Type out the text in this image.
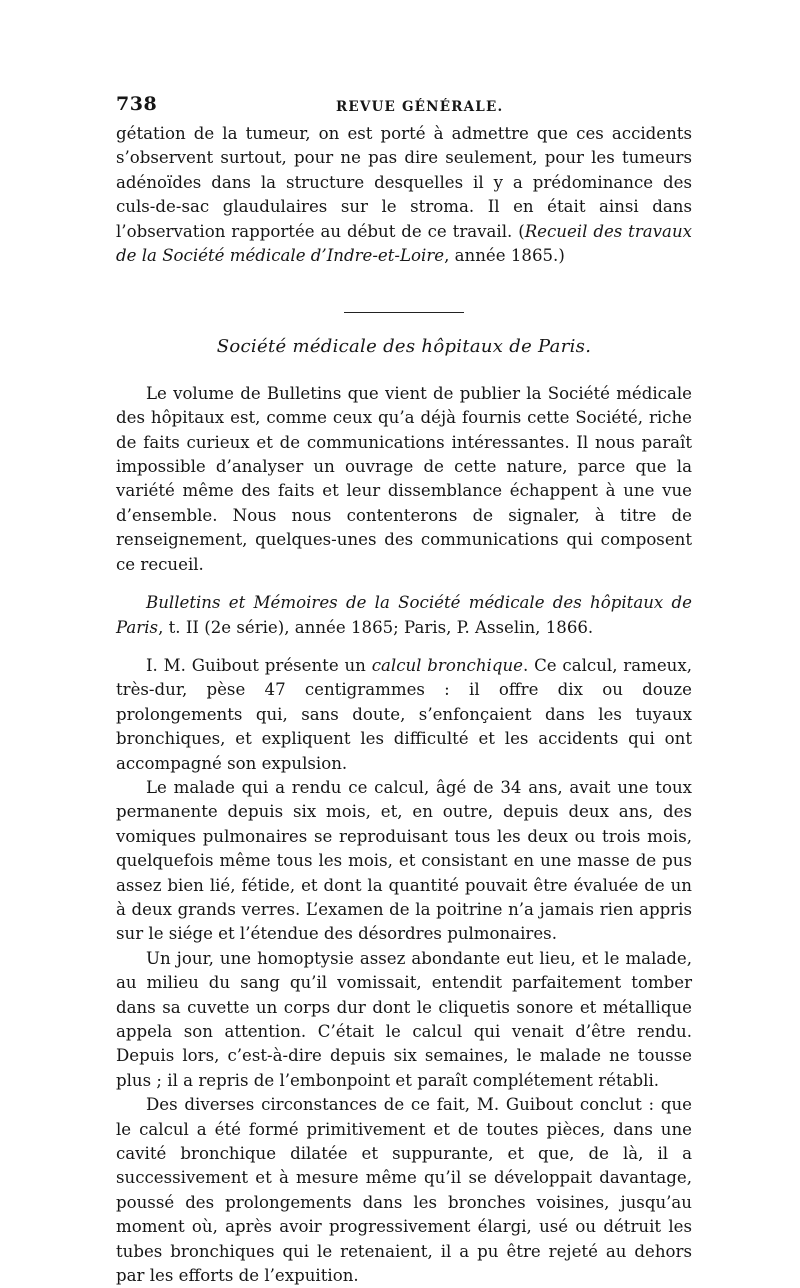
738	REVUE GÉNÉRALE.

gétation de la tumeur, on est porté à admettre que ces accidents s’observent surtout, pour ne pas dire seulement, pour les tumeurs adénoïdes dans la structure desquelles il y a prédominance des culs-de-sac glaudulaires sur le stroma. Il en était ainsi dans l’observation rapportée au début de ce travail. (Recueil des travaux de la Société médicale d’Indre-et-Loire, année 1865.)

Société médicale des hôpitaux de Paris.

Le volume de Bulletins que vient de publier la Société médicale des hôpitaux est, comme ceux qu’a déjà fournis cette Société, riche de faits curieux et de communications intéressantes. Il nous paraît impossible d’analyser un ouvrage de cette nature, parce que la variété même des faits et leur dissemblance échappent à une vue d’ensemble. Nous nous contenterons de signaler, à titre de renseignement, quelques-unes des communications qui composent ce recueil.

Bulletins et Mémoires de la Société médicale des hôpitaux de Paris, t. II (2e série), année 1865; Paris, P. Asselin, 1866.

I. M. Guibout présente un calcul bronchique. Ce calcul, rameux, très-dur, pèse 47 centigrammes : il offre dix ou douze prolongements qui, sans doute, s’enfonçaient dans les tuyaux bronchiques, et expliquent les difficulté et les accidents qui ont accompagné son expulsion.

Le malade qui a rendu ce calcul, âgé de 34 ans, avait une toux permanente depuis six mois, et, en outre, depuis deux ans, des vomiques pulmonaires se reproduisant tous les deux ou trois mois, quelquefois même tous les mois, et consistant en une masse de pus assez bien lié, fétide, et dont la quantité pouvait être évaluée de un à deux grands verres. L’examen de la poitrine n’a jamais rien appris sur le siége et l’étendue des désordres pulmonaires.

Un jour, une homoptysie assez abondante eut lieu, et le malade, au milieu du sang qu’il vomissait, entendit parfaitement tomber dans sa cuvette un corps dur dont le cliquetis sonore et métallique appela son attention. C’était le calcul qui venait d’être rendu. Depuis lors, c’est-à-dire depuis six semaines, le malade ne tousse plus ; il a repris de l’embonpoint et paraît complétement rétabli.

Des diverses circonstances de ce fait, M. Guibout conclut : que le calcul a été formé primitivement et de toutes pièces, dans une cavité bronchique dilatée et suppurante, et que, de là, il a successivement et à mesure même qu’il se développait davantage, poussé des prolongements dans les bronches voisines, jusqu’au moment où, après avoir progressivement élargi, usé ou détruit les tubes bronchiques qui le retenaient, il a pu être rejeté au dehors par les efforts de l’expuition.
